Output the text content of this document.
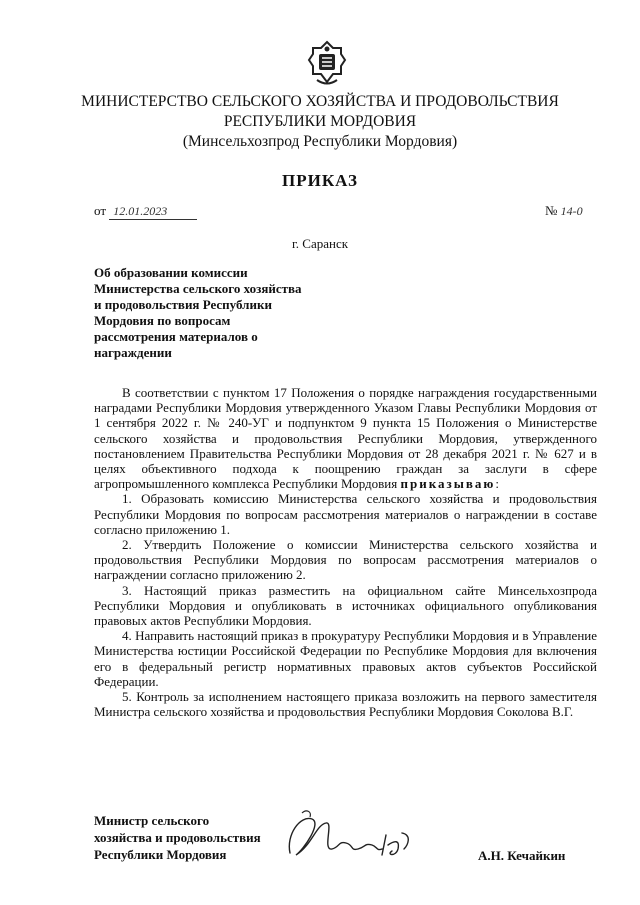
МИНИСТЕРСТВО СЕЛЬСКОГО ХОЗЯЙСТВА И ПРОДОВОЛЬСТВИЯ
РЕСПУБЛИКИ МОРДОВИЯ
(Минсельхозпрод Республики Мордовия)
ПРИКАЗ
от 12.01.2023	№ 14-0
г. Саранск
Об образовании комиссии
Министерства сельского хозяйства
и продовольствия Республики
Мордовия по вопросам
рассмотрения материалов о
награждении

В соответствии с пунктом 17 Положения о порядке награждения государственными наградами Республики Мордовия утвержденного Указом Главы Республики Мордовия от 1 сентября 2022 г. № 240-УГ и подпунктом 9 пункта 15 Положения о Министерстве сельского хозяйства и продовольствия Республики Мордовия, утвержденного постановлением Правительства Республики Мордовия от 28 декабря 2021 г. № 627 и в целях объективного подхода к поощрению граждан за заслуги в сфере агропромышленного комплекса Республики Мордовия приказываю:

1. Образовать комиссию Министерства сельского хозяйства и продовольствия Республики Мордовия по вопросам рассмотрения материалов о награждении в составе согласно приложению 1.

2. Утвердить Положение о комиссии Министерства сельского хозяйства и продовольствия Республики Мордовия по вопросам рассмотрения материалов о награждении согласно приложению 2.

3. Настоящий приказ разместить на официальном сайте Минсельхозпрода Республики Мордовия и опубликовать в источниках официального опубликования правовых актов Республики Мордовия.

4. Направить настоящий приказ в прокуратуру Республики Мордовия и в Управление Министерства юстиции Российской Федерации по Республике Мордовия для включения его в федеральный регистр нормативных правовых актов субъектов Российской Федерации.

5. Контроль за исполнением настоящего приказа возложить на первого заместителя Министра сельского хозяйства и продовольствия Республики Мордовия Соколова В.Г.

Министр сельского
хозяйства и продовольствия
Республики Мордовия	А.Н. Кечайкин
